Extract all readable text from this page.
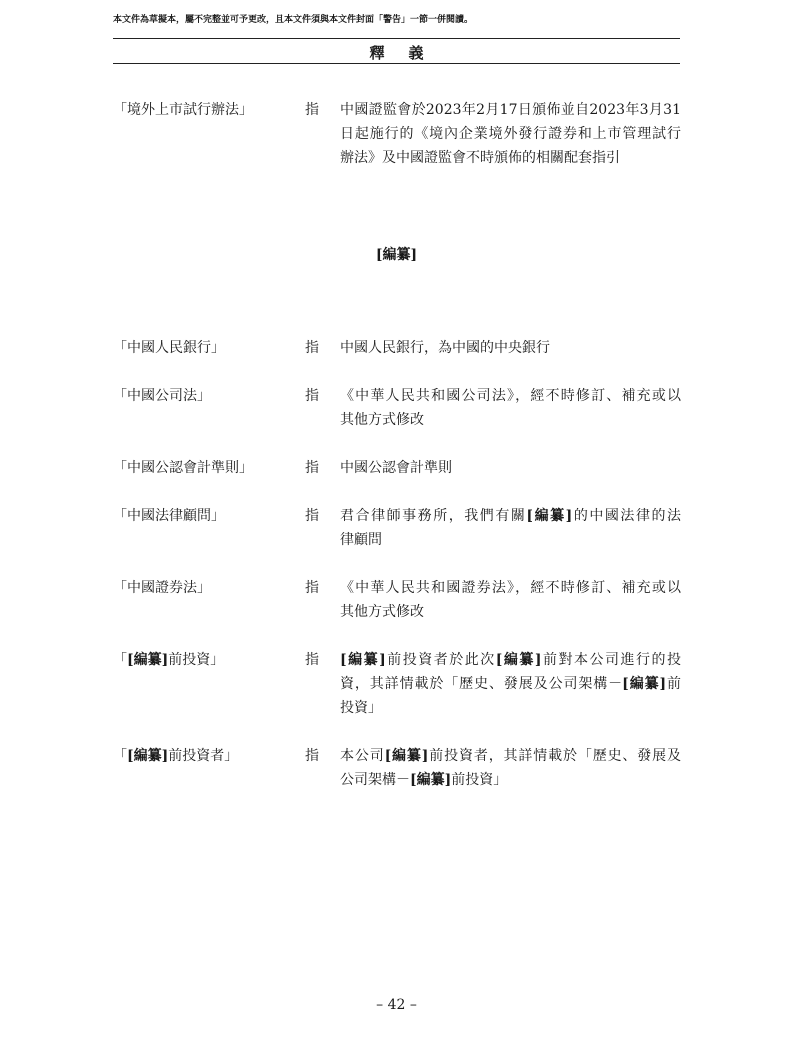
本文件為草擬本，屬不完整並可予更改，且本文件須與本文件封面「警告」一節一併閱讀。
釋義
「境外上市試行辦法」	指	中國證監會於2023年2月17日頒佈並自2023年3月31
日起施行的《境內企業境外發行證券和上市管理試行
辦法》及中國證監會不時頒佈的相關配套指引
[編纂]
「中國人民銀行」	指	中國人民銀行，為中國的中央銀行
「中國公司法」	指	《中華人民共和國公司法》，經不時修訂、補充或以
其他方式修改
「中國公認會計準則」	指	中國公認會計準則
「中國法律顧問」	指	君合律師事務所，我們有關[編纂]的中國法律的法
律顧問
「中國證券法」	指	《中華人民共和國證券法》，經不時修訂、補充或以
其他方式修改
「[編纂]前投資」	指	[編纂]前投資者於此次[編纂]前對本公司進行的投
資，其詳情載於「歷史、發展及公司架構－[編纂]前
投資」
「[編纂]前投資者」	指	本公司[編纂]前投資者，其詳情載於「歷史、發展及
公司架構－[編纂]前投資」
– 42 –
